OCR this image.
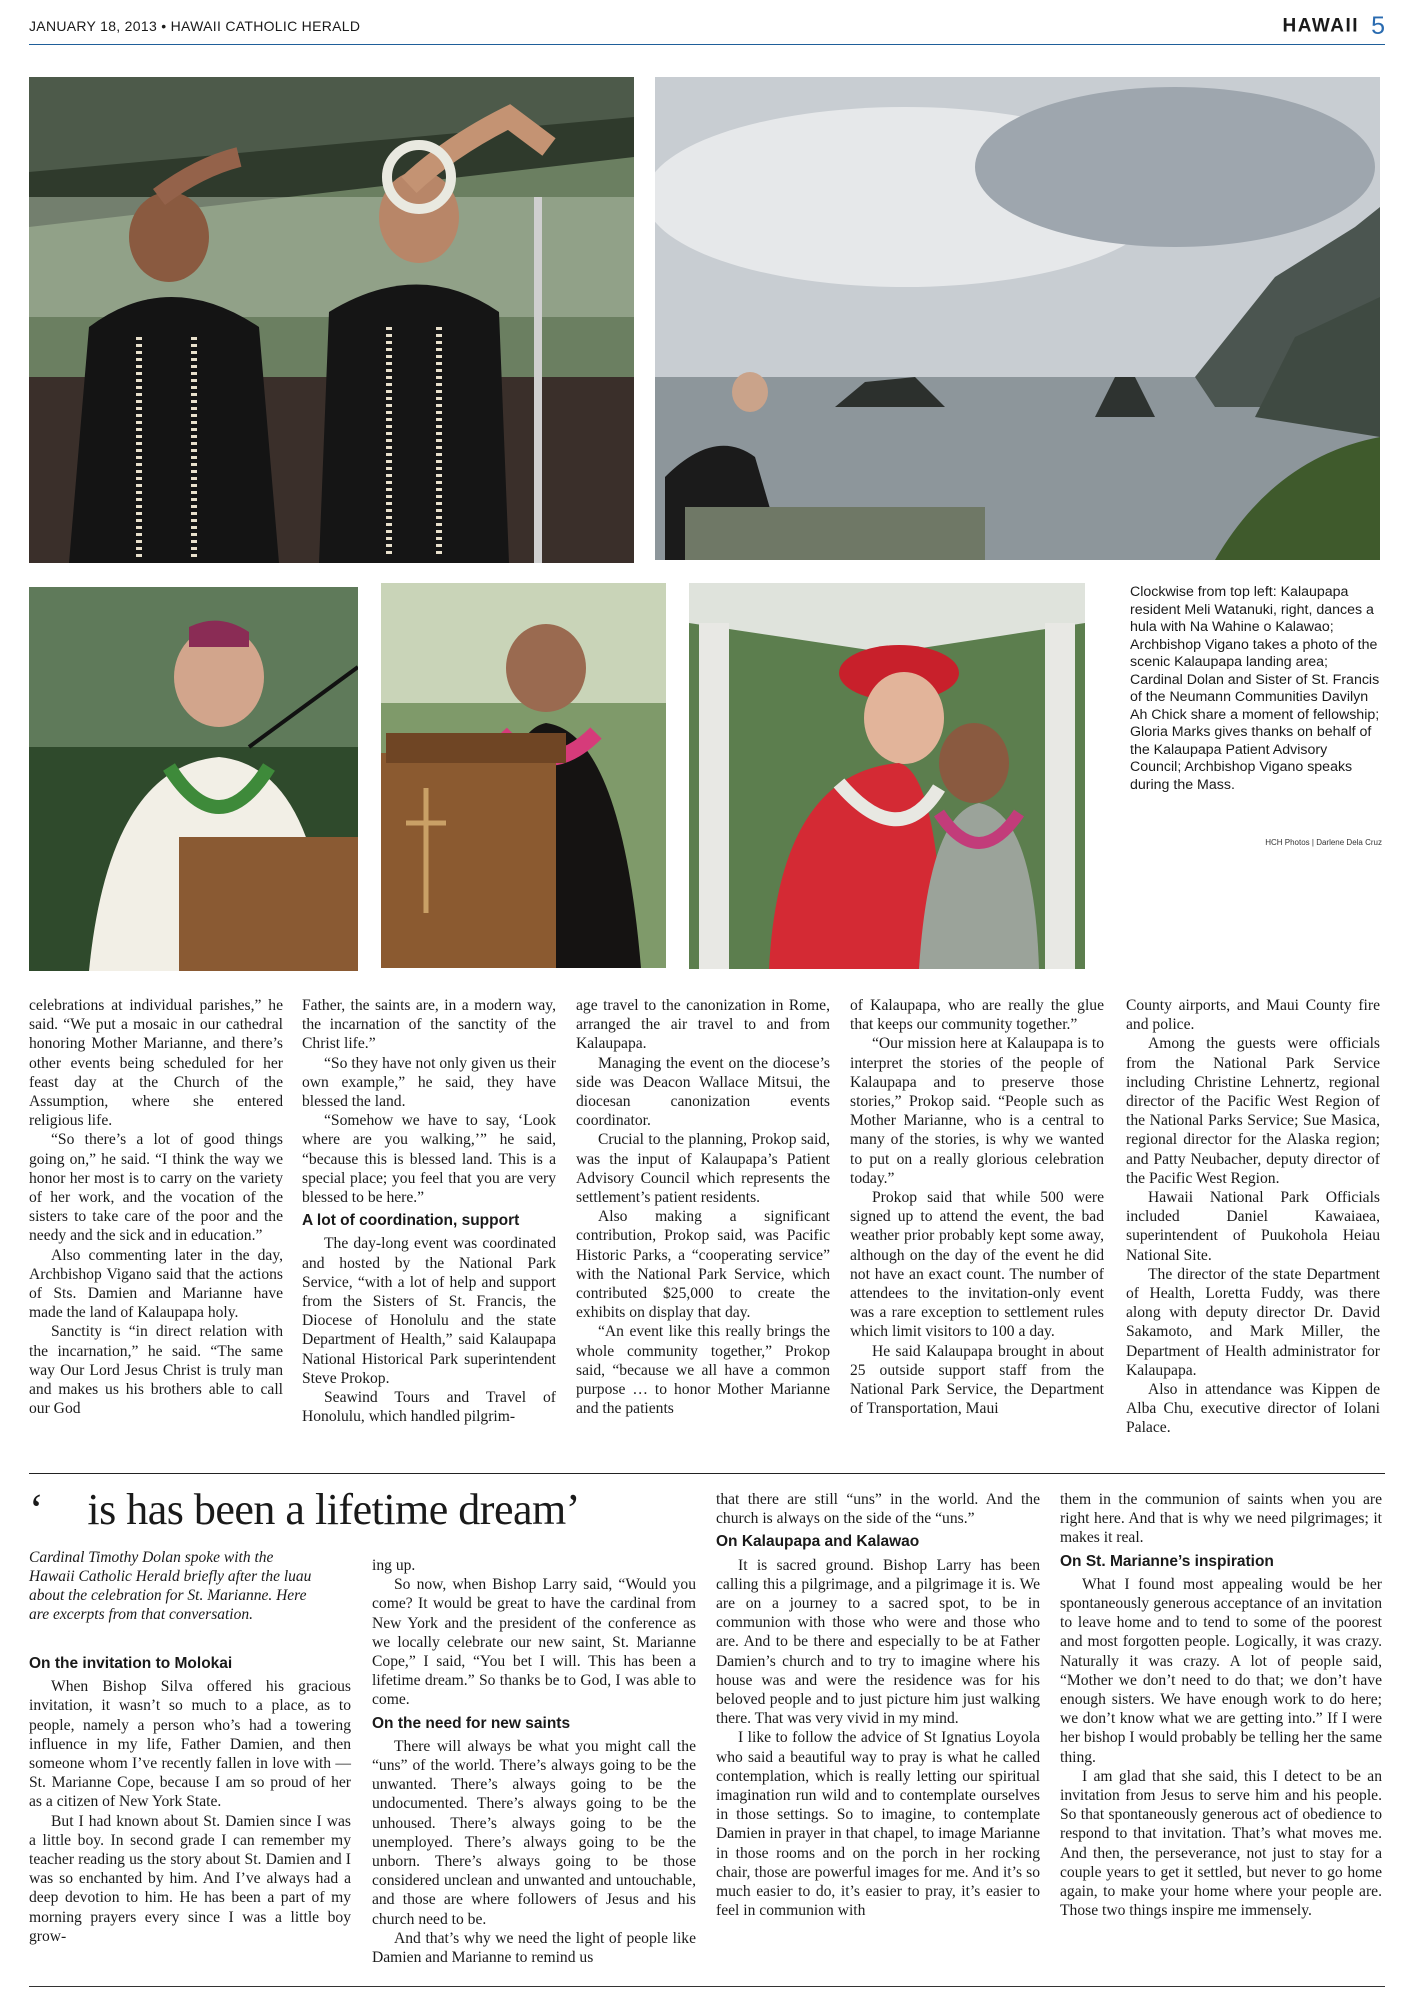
JANUARY 18, 2013 • HAWAII CATHOLIC HERALD	HAWAII 5
Clockwise from top left: Kalaupapa resident Meli Watanuki, right, dances a hula with Na Wahine o Kalawao; Archbishop Vigano takes a photo of the scenic Kalaupapa landing area; Cardinal Dolan and Sister of St. Francis of the Neumann Communities Davilyn Ah Chick share a moment of fellowship; Gloria Marks gives thanks on behalf of the Kalaupapa Patient Advisory Council; Archbishop Vigano speaks during the Mass.
HCH Photos | Darlene Dela Cruz

celebrations at individual parishes,” he said. “We put a mosaic in our cathedral honoring Mother Marianne, and there’s other events being scheduled for her feast day at the Church of the Assumption, where she entered religious life.

“So there’s a lot of good things going on,” he said. “I think the way we honor her most is to carry on the variety of her work, and the vocation of the sisters to take care of the poor and the needy and the sick and in education.”

Also commenting later in the day, Archbishop Vigano said that the actions of Sts. Damien and Marianne have made the land of Kalaupapa holy.

Sanctity is “in direct relation with the incarnation,” he said. “The same way Our Lord Jesus Christ is truly man and makes us his brothers able to call our God

Father, the saints are, in a modern way, the incarnation of the sanctity of the Christ life.”

“So they have not only given us their own example,” he said, they have blessed the land.

“Somehow we have to say, ‘Look where are you walking,’” he said, “because this is blessed land. This is a special place; you feel that you are very blessed to be here.”

A lot of coordination, support

The day-long event was coordinated and hosted by the National Park Service, “with a lot of help and support from the Sisters of St. Francis, the Diocese of Honolulu and the state Department of Health,” said Kalaupapa National Historical Park superintendent Steve Prokop.

Seawind Tours and Travel of Honolulu, which handled pilgrim-

age travel to the canonization in Rome, arranged the air travel to and from Kalaupapa.

Managing the event on the diocese’s side was Deacon Wallace Mitsui, the diocesan canonization events coordinator.

Crucial to the planning, Prokop said, was the input of Kalaupapa’s Patient Advisory Council which represents the settlement’s patient residents.

Also making a significant contribution, Prokop said, was Pacific Historic Parks, a “cooperating service” with the National Park Service, which contributed $25,000 to create the exhibits on display that day.

“An event like this really brings the whole community together,” Prokop said, “because we all have a common purpose … to honor Mother Marianne and the patients

of Kalaupapa, who are really the glue that keeps our community together.”

“Our mission here at Kalaupapa is to interpret the stories of the people of Kalaupapa and to preserve those stories,” Prokop said. “People such as Mother Marianne, who is a central to many of the stories, is why we wanted to put on a really glorious celebration today.”

Prokop said that while 500 were signed up to attend the event, the bad weather prior probably kept some away, although on the day of the event he did not have an exact count. The number of attendees to the invitation-only event was a rare exception to settlement rules which limit visitors to 100 a day.

He said Kalaupapa brought in about 25 outside support staff from the National Park Service, the Department of Transportation, Maui

County airports, and Maui County fire and police.

Among the guests were officials from the National Park Service including Christine Lehnertz, regional director of the Pacific West Region of the National Parks Service; Sue Masica, regional director for the Alaska region; and Patty Neubacher, deputy director of the Pacific West Region.

Hawaii National Park Officials included Daniel Kawaiaea, superintendent of Puukohola Heiau National Site.

The director of the state Department of Health, Loretta Fuddy, was there along with deputy director Dr. David Sakamoto, and Mark Miller, the Department of Health administrator for Kalaupapa.

Also in attendance was Kippen de Alba Chu, executive director of Iolani Palace.

‘  is has been a lifetime dream’
Cardinal Timothy Dolan spoke with the Hawaii Catholic Herald briefly after the luau about the celebration for St. Marianne. Here are excerpts from that conversation.
On the invitation to Molokai

When Bishop Silva offered his gracious invitation, it wasn’t so much to a place, as to people, namely a person who’s had a towering influence in my life, Father Damien, and then someone whom I’ve recently fallen in love with — St. Marianne Cope, because I am so proud of her as a citizen of New York State.

But I had known about St. Damien since I was a little boy. In second grade I can remember my teacher reading us the story about St. Damien and I was so enchanted by him. And I’ve always had a deep devotion to him. He has been a part of my morning prayers every since I was a little boy grow-

ing up.

So now, when Bishop Larry said, “Would you come? It would be great to have the cardinal from New York and the president of the conference as we locally celebrate our new saint, St. Marianne Cope,” I said, “You bet I will. This has been a lifetime dream.” So thanks be to God, I was able to come.

On the need for new saints

There will always be what you might call the “uns” of the world. There’s always going to be the unwanted. There’s always going to be the undocumented. There’s always going to be the unhoused. There’s always going to be the unemployed. There’s always going to be the unborn. There’s always going to be those considered unclean and unwanted and untouchable, and those are where followers of Jesus and his church need to be.

And that’s why we need the light of people like Damien and Marianne to remind us

that there are still “uns” in the world. And the church is always on the side of the “uns.”

On Kalaupapa and Kalawao

It is sacred ground. Bishop Larry has been calling this a pilgrimage, and a pilgrimage it is. We are on a journey to a sacred spot, to be in communion with those who were and those who are. And to be there and especially to be at Father Damien’s church and to try to imagine where his house was and were the residence was for his beloved people and to just picture him just walking there. That was very vivid in my mind.

I like to follow the advice of St Ignatius Loyola who said a beautiful way to pray is what he called contemplation, which is really letting our spiritual imagination run wild and to contemplate ourselves in those settings. So to imagine, to contemplate Damien in prayer in that chapel, to image Marianne in those rooms and on the porch in her rocking chair, those are powerful images for me. And it’s so much easier to do, it’s easier to pray, it’s easier to feel in communion with

them in the communion of saints when you are right here. And that is why we need pilgrimages; it makes it real.

On St. Marianne’s inspiration

What I found most appealing would be her spontaneously generous acceptance of an invitation to leave home and to tend to some of the poorest and most forgotten people. Logically, it was crazy. Naturally it was crazy. A lot of people said, “Mother we don’t need to do that; we don’t have enough sisters. We have enough work to do here; we don’t know what we are getting into.” If I were her bishop I would probably be telling her the same thing.

I am glad that she said, this I detect to be an invitation from Jesus to serve him and his people. So that spontaneously generous act of obedience to respond to that invitation. That’s what moves me. And then, the perseverance, not just to stay for a couple years to get it settled, but never to go home again, to make your home where your people are. Those two things inspire me immensely.
